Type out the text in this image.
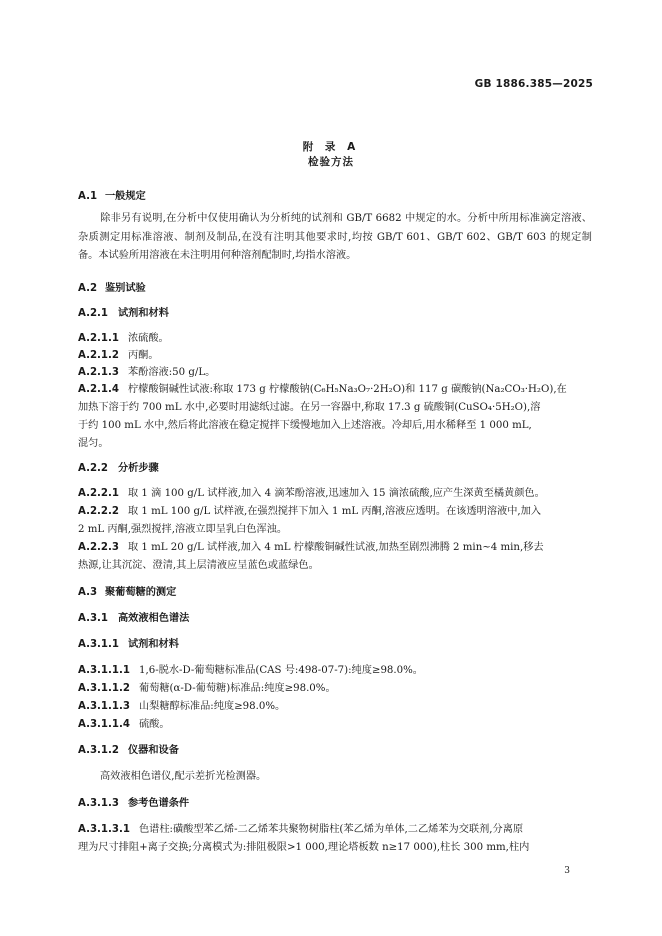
GB 1886.385—2025
附 录 A
检验方法
A.1 一般规定
除非另有说明,在分析中仅使用确认为分析纯的试剂和 GB/T 6682 中规定的水。分析中所用标准滴定溶液、杂质测定用标准溶液、制剂及制品,在没有注明其他要求时,均按 GB/T 601、GB/T 602、GB/T 603 的规定制备。本试验所用溶液在未注明用何种溶剂配制时,均指水溶液。
A.2 鉴别试验
A.2.1 试剂和材料
A.2.1.1 浓硫酸。
A.2.1.2 丙酮。
A.2.1.3 苯酚溶液:50 g/L。
A.2.1.4 柠檬酸铜碱性试液:称取 173 g 柠檬酸钠(C₆H₅Na₃O₇·2H₂O)和 117 g 碳酸钠(Na₂CO₃·H₂O),在
加热下溶于约 700 mL 水中,必要时用滤纸过滤。在另一容器中,称取 17.3 g 硫酸铜(CuSO₄·5H₂O),溶
于约 100 mL 水中,然后将此溶液在稳定搅拌下缓慢地加入上述溶液。冷却后,用水稀释至 1 000 mL,
混匀。
A.2.2 分析步骤
A.2.2.1 取 1 滴 100 g/L 试样液,加入 4 滴苯酚溶液,迅速加入 15 滴浓硫酸,应产生深黄至橘黄颜色。
A.2.2.2 取 1 mL 100 g/L 试样液,在强烈搅拌下加入 1 mL 丙酮,溶液应透明。在该透明溶液中,加入
2 mL 丙酮,强烈搅拌,溶液立即呈乳白色浑浊。
A.2.2.3 取 1 mL 20 g/L 试样液,加入 4 mL 柠檬酸铜碱性试液,加热至剧烈沸腾 2 min~4 min,移去
热源,让其沉淀、澄清,其上层清液应呈蓝色或蓝绿色。
A.3 聚葡萄糖的测定
A.3.1 高效液相色谱法
A.3.1.1 试剂和材料
A.3.1.1.1 1,6-脱水-D-葡萄糖标准品(CAS 号:498-07-7):纯度≥98.0%。
A.3.1.1.2 葡萄糖(α-D-葡萄糖)标准品:纯度≥98.0%。
A.3.1.1.3 山梨糖醇标准品:纯度≥98.0%。
A.3.1.1.4 硫酸。
A.3.1.2 仪器和设备
高效液相色谱仪,配示差折光检测器。
A.3.1.3 参考色谱条件
A.3.1.3.1 色谱柱:磺酸型苯乙烯-二乙烯苯共聚物树脂柱(苯乙烯为单体,二乙烯苯为交联剂,分离原
理为尺寸排阻+离子交换;分离模式为:排阻极限>1 000,理论塔板数 n≥17 000),柱长 300 mm,柱内
3
